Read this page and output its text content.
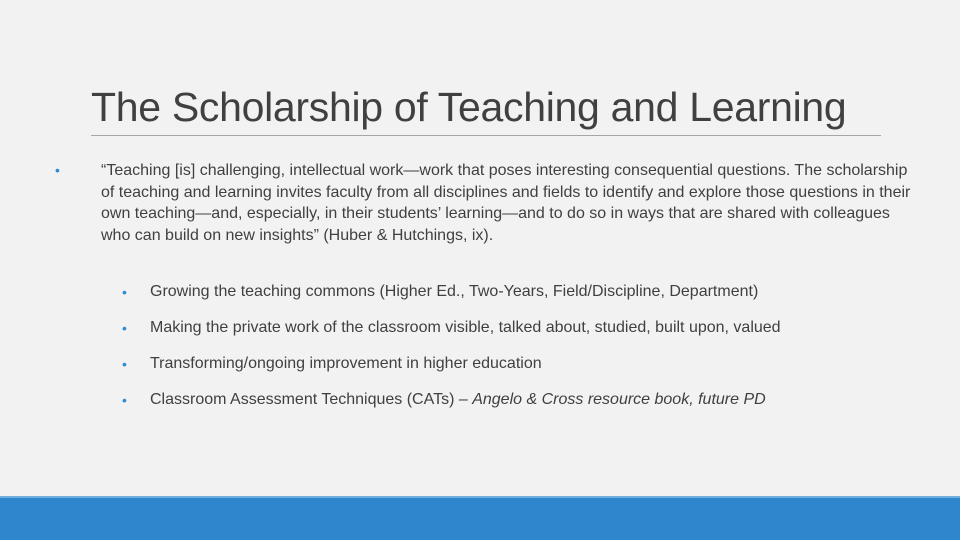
The Scholarship of Teaching and Learning
•	“Teaching [is] challenging, intellectual work—work that poses interesting consequential questions. The scholarship of teaching and learning invites faculty from all disciplines and fields to identify and explore those questions in their own teaching—and, especially, in their students’ learning—and to do so in ways that are shared with colleagues who can build on new insights” (Huber & Hutchings, ix).

• Growing the teaching commons (Higher Ed., Two-Years, Field/Discipline, Department)
• Making the private work of the classroom visible, talked about, studied, built upon, valued
• Transforming/ongoing improvement in higher education
• Classroom Assessment Techniques (CATs) – Angelo & Cross resource book, future PD
